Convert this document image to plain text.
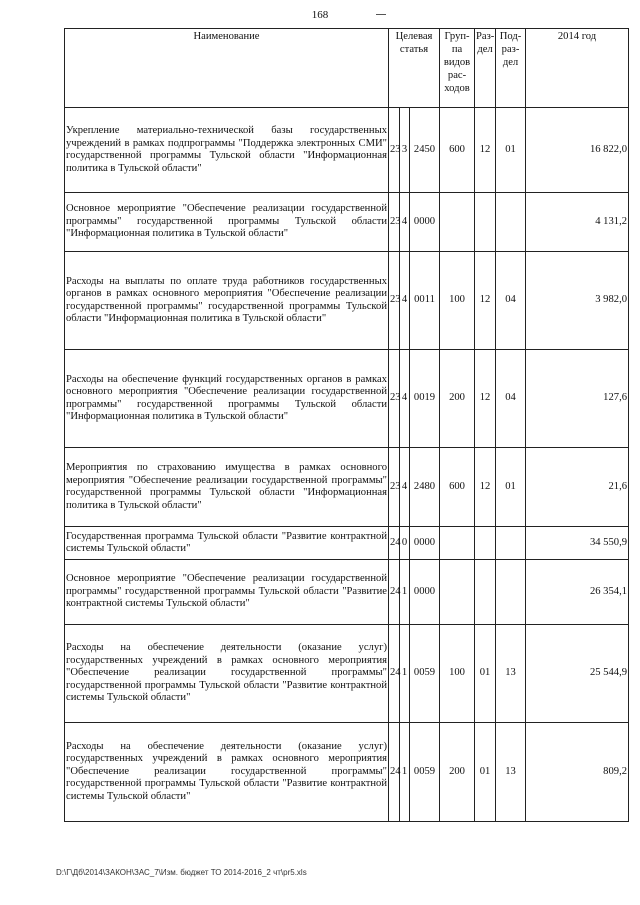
168
Наименование	Целевая статья			Груп-па видов рас-ходов	Раз-дел	Под-раз-дел	2014 год
Укрепление материально-технической базы государственных учреждений в рамках подпрограммы "Поддержка электронных СМИ" государственной программы Тульской области "Информационная политика в Тульской области"	23	3	2450	600	12	01	16 822,0
Основное мероприятие "Обеспечение реализации государственной программы" государственной программы Тульской области "Информационная политика в Тульской области"	23	4	0000				4 131,2
Расходы на выплаты по оплате труда работников государственных органов в рамках основного мероприятия "Обеспечение реализации государственной программы" государственной программы Тульской области "Информационная политика в Тульской области"	23	4	0011	100	12	04	3 982,0
Расходы на обеспечение функций государственных органов в рамках основного мероприятия "Обеспечение реализации государственной программы" государственной программы Тульской области "Информационная политика в Тульской области"	23	4	0019	200	12	04	127,6
Мероприятия по страхованию имущества в рамках основного мероприятия "Обеспечение реализации государственной программы" государственной программы Тульской области "Информационная политика в Тульской области"	23	4	2480	600	12	01	21,6
Государственная программа Тульской области "Развитие контрактной системы Тульской области"	24	0	0000				34 550,9
Основное мероприятие "Обеспечение реализации государственной программы" государственной программы Тульской области "Развитие контрактной системы Тульской области"	24	1	0000				26 354,1
Расходы на обеспечение деятельности (оказание услуг) государственных учреждений в рамках основного мероприятия "Обеспечение реализации государственной программы" государственной программы Тульской области "Развитие контрактной системы Тульской области"	24	1	0059	100	01	13	25 544,9
Расходы на обеспечение деятельности (оказание услуг) государственных учреждений в рамках основного мероприятия "Обеспечение реализации государственной программы" государственной программы Тульской области "Развитие контрактной системы Тульской области"	24	1	0059	200	01	13	809,2
D:\Г\Дб\2014\ЗАКОН\ЗАС_7\Изм. бюджет ТО 2014-2016_2 чт\pr5.xls
